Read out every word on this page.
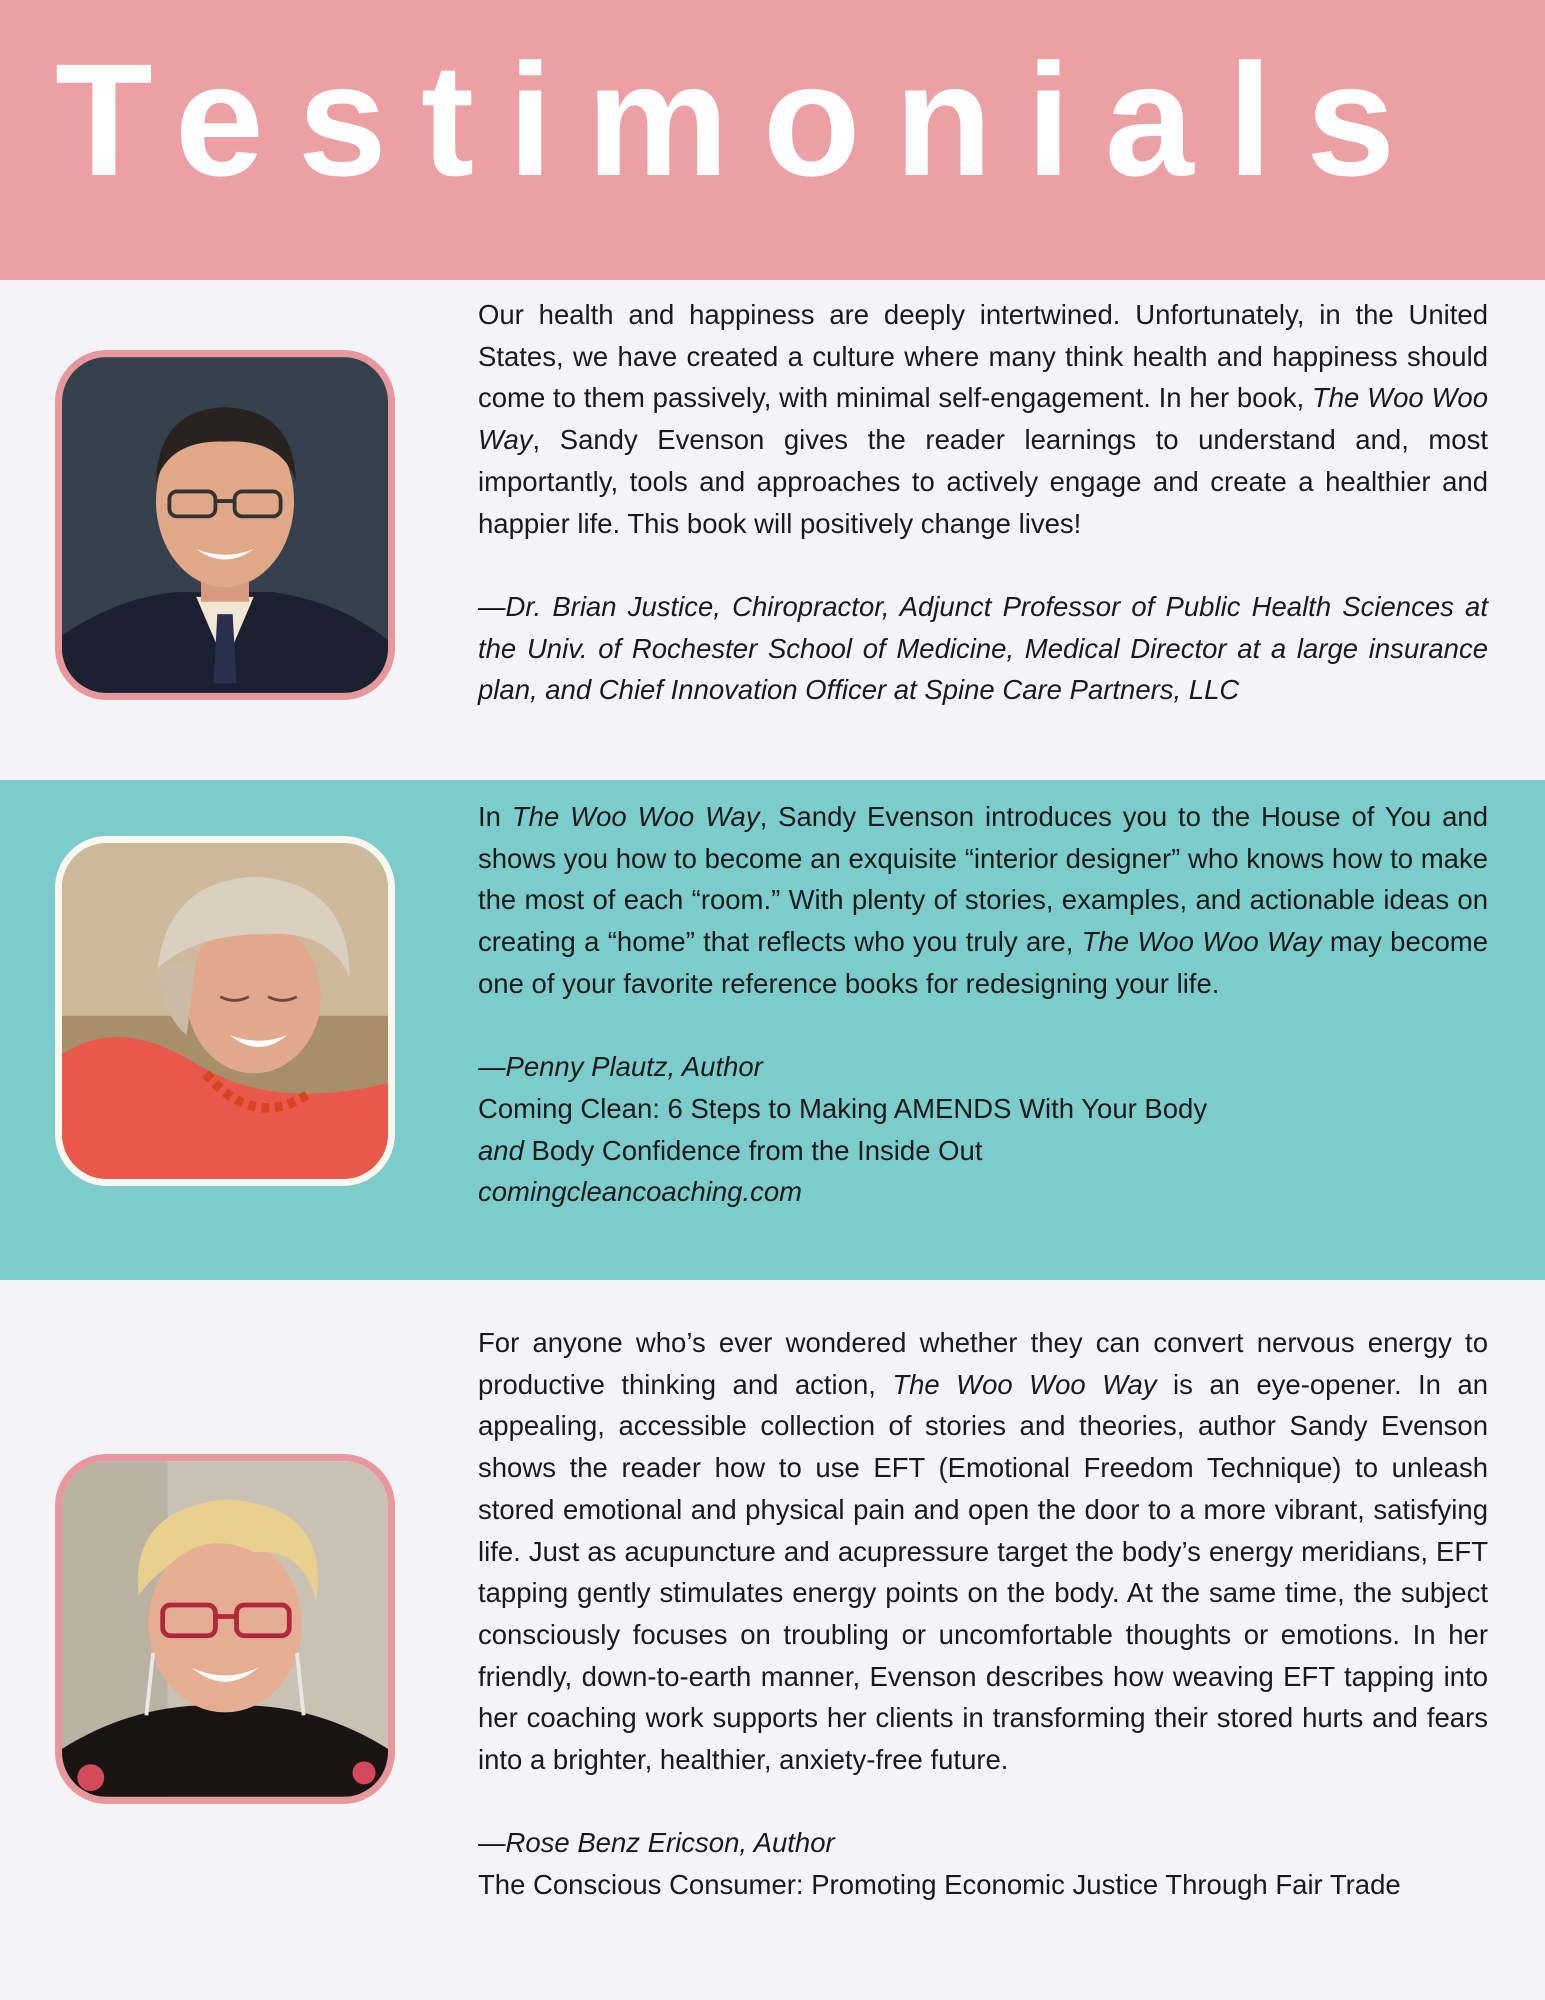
Testimonials

Our health and happiness are deeply intertwined. Unfortunately, in the United States, we have created a culture where many think health and happiness should come to them passively, with minimal self-engagement. In her book, The Woo Woo Way, Sandy Evenson gives the reader learnings to understand and, most importantly, tools and approaches to actively engage and create a healthier and happier life. This book will positively change lives!

—Dr. Brian Justice, Chiropractor, Adjunct Professor of Public Health Sciences at the Univ. of Rochester School of Medicine, Medical Director at a large insurance plan, and Chief Innovation Officer at Spine Care Partners, LLC

In The Woo Woo Way, Sandy Evenson introduces you to the House of You and shows you how to become an exquisite “interior designer” who knows how to make the most of each “room.” With plenty of stories, examples, and actionable ideas on creating a “home” that reflects who you truly are, The Woo Woo Way may become one of your favorite reference books for redesigning your life.

—Penny Plautz, Author

Coming Clean: 6 Steps to Making AMENDS With Your Body

and Body Confidence from the Inside Out

comingcleancoaching.com

For anyone who’s ever wondered whether they can convert nervous energy to productive thinking and action, The Woo Woo Way is an eye-opener. In an appealing, accessible collection of stories and theories, author Sandy Evenson shows the reader how to use EFT (Emotional Freedom Technique) to unleash stored emotional and physical pain and open the door to a more vibrant, satisfying life. Just as acupuncture and acupressure target the body’s energy meridians, EFT tapping gently stimulates energy points on the body. At the same time, the subject consciously focuses on troubling or uncomfortable thoughts or emotions. In her friendly, down-to-earth manner, Evenson describes how weaving EFT tapping into her coaching work supports her clients in transforming their stored hurts and fears into a brighter, healthier, anxiety-free future.

—Rose Benz Ericson, Author

The Conscious Consumer: Promoting Economic Justice Through Fair Trade
